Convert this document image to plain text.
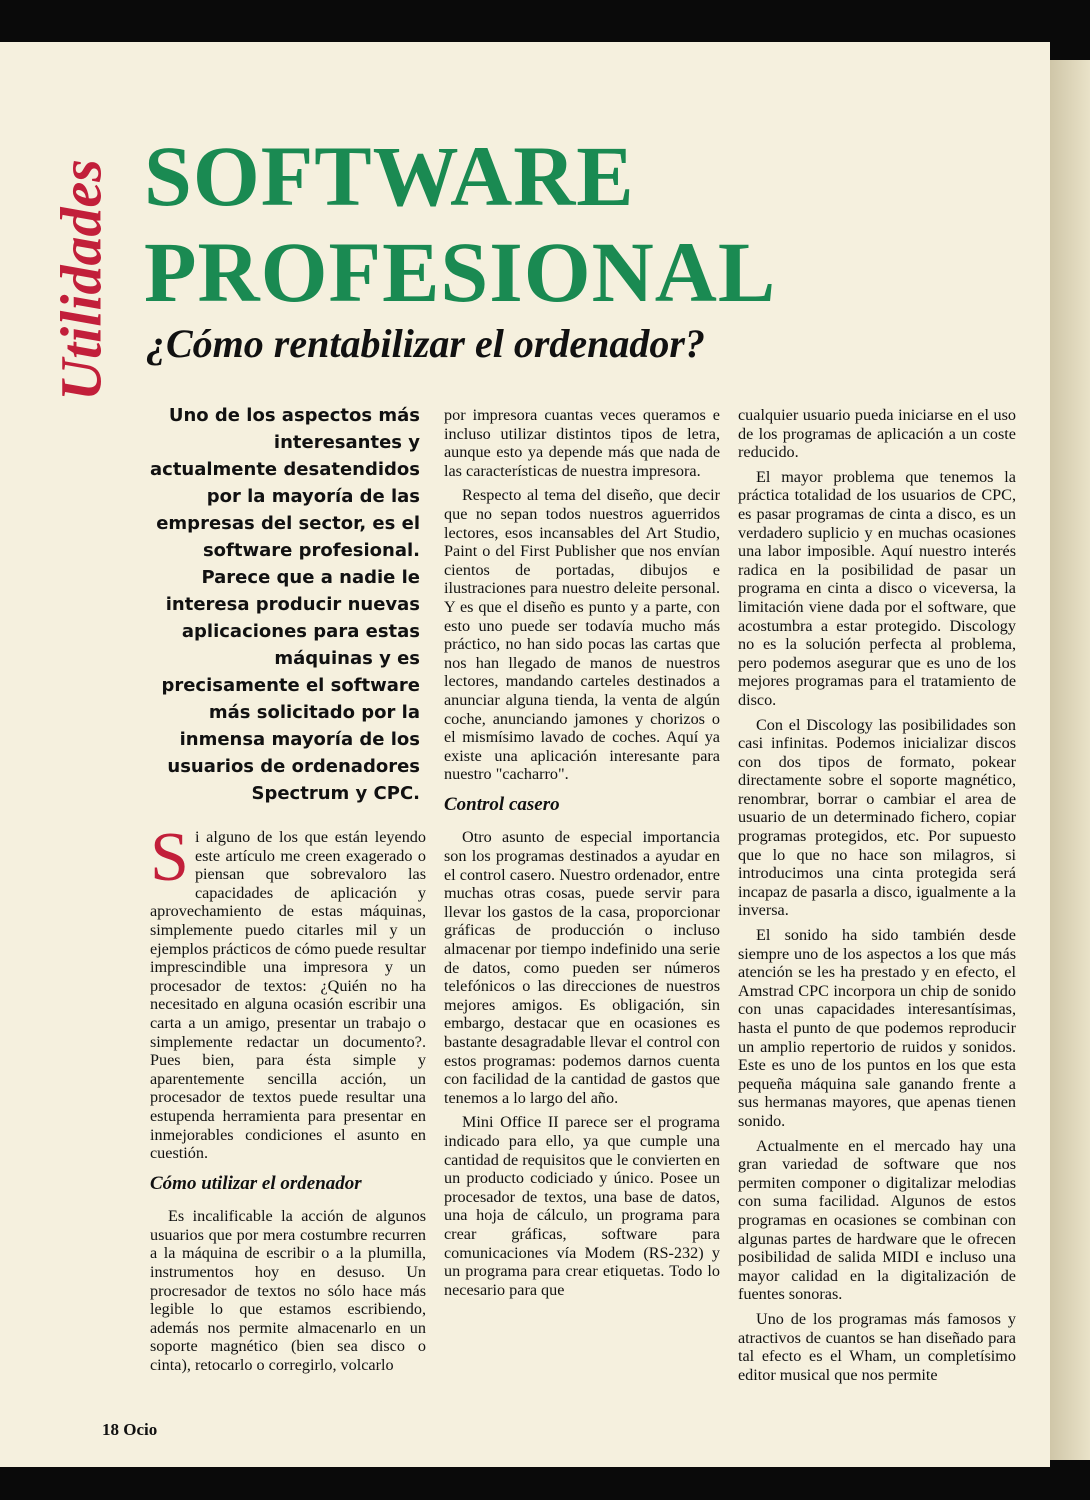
Utilidades SOFTWARE
PROFESIONAL
¿Cómo rentabilizar el ordenador?
Uno de los aspectos más interesantes y actualmente desatendidos por la mayoría de las empresas del sector, es el software profesional. Parece que a nadie le interesa producir nuevas aplicaciones para estas máquinas y es precisamente el software más solicitado por la inmensa mayoría de los usuarios de ordenadores Spectrum y CPC.

Si alguno de los que están leyendo este artículo me creen exagerado o piensan que sobrevaloro las capacidades de aplicación y aprovechamiento de estas máquinas, simplemente puedo citarles mil y un ejemplos prácticos de cómo puede resultar imprescindible una impresora y un procesador de textos: ¿Quién no ha necesitado en alguna ocasión escribir una carta a un amigo, presentar un trabajo o simplemente redactar un documento?. Pues bien, para ésta simple y aparentemente sencilla acción, un procesador de textos puede resultar una estupenda herramienta para presentar en inmejorables condiciones el asunto en cuestión.

Cómo utilizar el ordenador

Es incalificable la acción de algunos usuarios que por mera costumbre recurren a la máquina de escribir o a la plumilla, instrumentos hoy en desuso. Un procresador de textos no sólo hace más legible lo que estamos escribiendo, además nos permite almacenarlo en un soporte magnético (bien sea disco o cinta), retocarlo o corregirlo, volcarlo

por impresora cuantas veces queramos e incluso utilizar distintos tipos de letra, aunque esto ya depende más que nada de las características de nuestra impresora.

Respecto al tema del diseño, que decir que no sepan todos nuestros aguerridos lectores, esos incansables del Art Studio, Paint o del First Publisher que nos envían cientos de portadas, dibujos e ilustraciones para nuestro deleite personal. Y es que el diseño es punto y a parte, con esto uno puede ser todavía mucho más práctico, no han sido pocas las cartas que nos han llegado de manos de nuestros lectores, mandando carteles destinados a anunciar alguna tienda, la venta de algún coche, anunciando jamones y chorizos o el mismísimo lavado de coches. Aquí ya existe una aplicación interesante para nuestro "cacharro".

Control casero

Otro asunto de especial importancia son los programas destinados a ayudar en el control casero. Nuestro ordenador, entre muchas otras cosas, puede servir para llevar los gastos de la casa, proporcionar gráficas de producción o incluso almacenar por tiempo indefinido una serie de datos, como pueden ser números telefónicos o las direcciones de nuestros mejores amigos. Es obligación, sin embargo, destacar que en ocasiones es bastante desagradable llevar el control con estos programas: podemos darnos cuenta con facilidad de la cantidad de gastos que tenemos a lo largo del año.

Mini Office II parece ser el programa indicado para ello, ya que cumple una cantidad de requisitos que le convierten en un producto codiciado y único. Posee un procesador de textos, una base de datos, una hoja de cálculo, un programa para crear gráficas, software para comunicaciones vía Modem (RS-232) y un programa para crear etiquetas. Todo lo necesario para que

cualquier usuario pueda iniciarse en el uso de los programas de aplicación a un coste reducido.

El mayor problema que tenemos la práctica totalidad de los usuarios de CPC, es pasar programas de cinta a disco, es un verdadero suplicio y en muchas ocasiones una labor imposible. Aquí nuestro interés radica en la posibilidad de pasar un programa en cinta a disco o viceversa, la limitación viene dada por el software, que acostumbra a estar protegido. Discology no es la solución perfecta al problema, pero podemos asegurar que es uno de los mejores programas para el tratamiento de disco.

Con el Discology las posibilidades son casi infinitas. Podemos inicializar discos con dos tipos de formato, pokear directamente sobre el soporte magnético, renombrar, borrar o cambiar el area de usuario de un determinado fichero, copiar programas protegidos, etc. Por supuesto que lo que no hace son milagros, si introducimos una cinta protegida será incapaz de pasarla a disco, igualmente a la inversa.

El sonido ha sido también desde siempre uno de los aspectos a los que más atención se les ha prestado y en efecto, el Amstrad CPC incorpora un chip de sonido con unas capacidades interesantísimas, hasta el punto de que podemos reproducir un amplio repertorio de ruidos y sonidos. Este es uno de los puntos en los que esta pequeña máquina sale ganando frente a sus hermanas mayores, que apenas tienen sonido.

Actualmente en el mercado hay una gran variedad de software que nos permiten componer o digitalizar melodias con suma facilidad. Algunos de estos programas en ocasiones se combinan con algunas partes de hardware que le ofrecen posibilidad de salida MIDI e incluso una mayor calidad en la digitalización de fuentes sonoras.

Uno de los programas más famosos y atractivos de cuantos se han diseñado para tal efecto es el Wham, un completísimo editor musical que nos permite

18 Ocio
